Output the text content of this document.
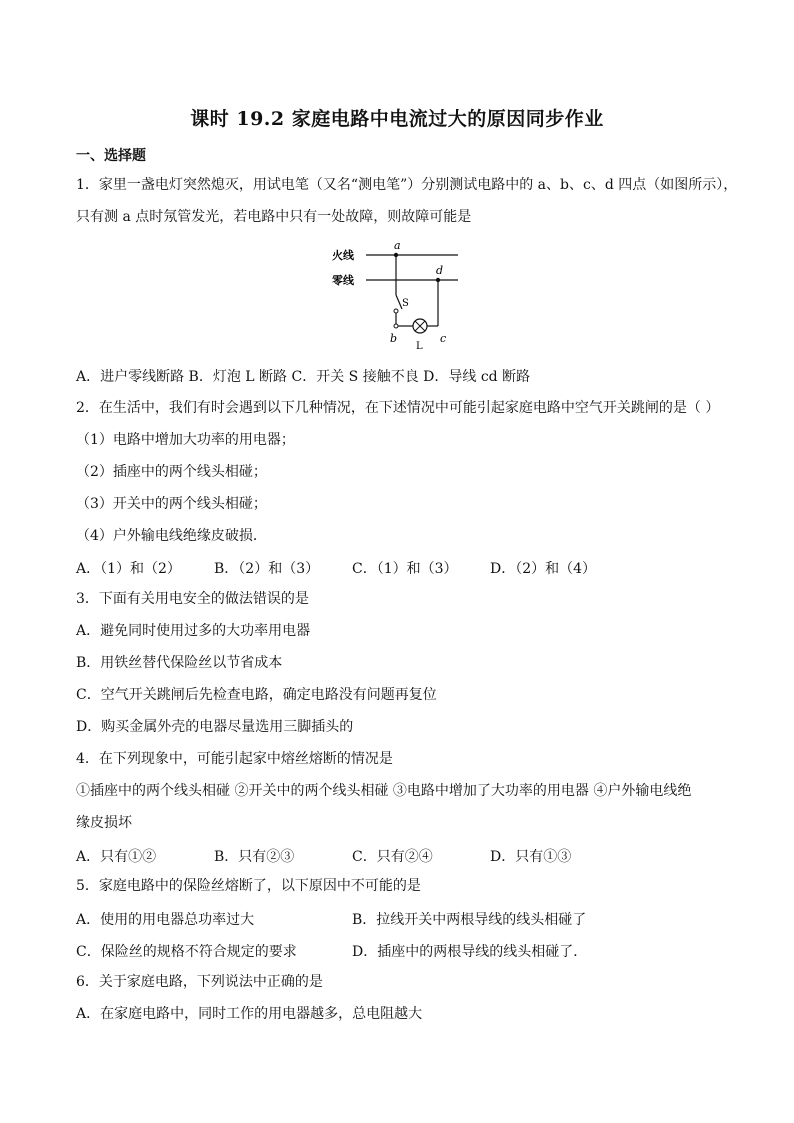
课时 19.2 家庭电路中电流过大的原因同步作业
一、选择题
1．家里一盏电灯突然熄灭，用试电笔（又名“测电笔”）分别测试电路中的 a、b、c、d 四点（如图所示），
只有测 a 点时氖管发光，若电路中只有一处故障，则故障可能是
火线
零线
a
S
b
L
c
d
A．进户零线断路 B．灯泡 L 断路 C．开关 S 接触不良 D．导线 cd 断路
2．在生活中，我们有时会遇到以下几种情况，在下述情况中可能引起家庭电路中空气开关跳闸的是（ ）
（1）电路中增加大功率的用电器；
（2）插座中的两个线头相碰；
（3）开关中的两个线头相碰；
（4）户外输电线绝缘皮破损．
A．（1）和（2） B．（2）和（3） C．（1）和（3） D．（2）和（4）
3．下面有关用电安全的做法错误的是
A．避免同时使用过多的大功率用电器
B．用铁丝替代保险丝以节省成本
C．空气开关跳闸后先检查电路，确定电路没有问题再复位
D．购买金属外壳的电器尽量选用三脚插头的
4．在下列现象中，可能引起家中熔丝熔断的情况是
①插座中的两个线头相碰 ②开关中的两个线头相碰 ③电路中增加了大功率的用电器 ④户外输电线绝
缘皮损坏
A．只有①②	B．只有②③	C．只有②④	D．只有①③
5．家庭电路中的保险丝熔断了，以下原因中不可能的是
A．使用的用电器总功率过大	B．拉线开关中两根导线的线头相碰了
C．保险丝的规格不符合规定的要求	D．插座中的两根导线的线头相碰了．
6．关于家庭电路，下列说法中正确的是
A．在家庭电路中，同时工作的用电器越多，总电阻越大
